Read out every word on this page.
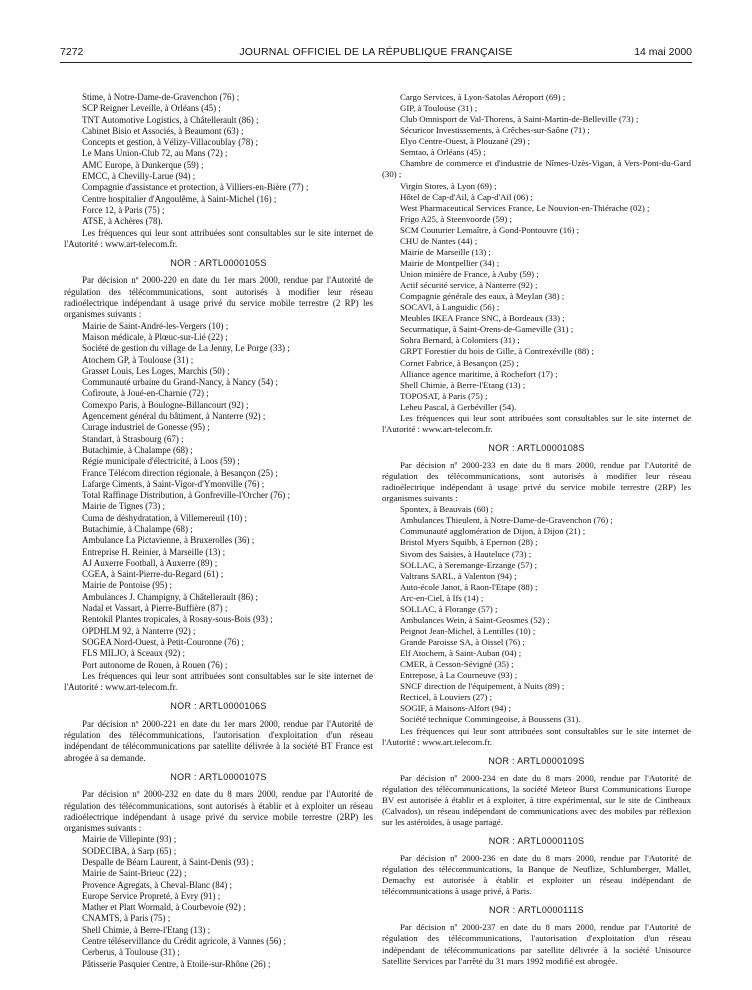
7272	JOURNAL OFFICIEL DE LA RÉPUBLIQUE FRANÇAISE	14 mai 2000
Stime, à Notre-Dame-de-Gravenchon (76) ;
SCP Reigner Leveille, à Orléans (45) ;
TNT Automotive Logistics, à Châtellerault (86) ;
Cabinet Bisio et Associés, à Beaumont (63) ;
Concepts et gestion, à Vélizy-Villacoublay (78) ;
Le Mans Union-Club 72, au Mans (72) ;
AMC Europe, à Dunkerque (59) ;
EMCC, à Chevilly-Larue (94) ;
Compagnie d'assistance et protection, à Villiers-en-Bière (77) ;
Centre hospitalier d'Angoulême, à Saint-Michel (16) ;
Force 12, à Paris (75) ;
ATSE, à Achères (78).
Les fréquences qui leur sont attribuées sont consultables sur le site internet de l'Autorité : www.art-telecom.fr.
NOR : ARTL0000105S
Par décision nº 2000-220 en date du 1er mars 2000, rendue par l'Autorité de régulation des télécommunications, sont autorisés à modifier leur réseau radioélectrique indépendant à usage privé du service mobile terrestre (2 RP) les organismes suivants :
Mairie de Saint-André-les-Vergers (10) ;
Maison médicale, à Plœuc-sur-Lié (22) ;
Société de gestion du village de La Jenny, Le Porge (33) ;
Atochem GP, à Toulouse (31) ;
Grasset Louis, Les Loges, Marchis (50) ;
Communauté urbaine du Grand-Nancy, à Nancy (54) ;
Cofiroute, à Joué-en-Charnie (72) ;
Comexpo Paris, à Boulogne-Billancourt (92) ;
Agencement général du bâtiment, à Nanterre (92) ;
Curage industriel de Gonesse (95) ;
Standart, à Strasbourg (67) ;
Butachimie, à Chalampe (68) ;
Régie municipale d'électricité, à Loos (59) ;
France Télécom direction régionale, à Besançon (25) ;
Lafarge Ciments, à Saint-Vigor-d'Ymonville (76) ;
Total Raffinage Distribution, à Gonfreville-l'Orcher (76) ;
Mairie de Tignes (73) ;
Cuma de déshydratation, à Villemereuil (10) ;
Butachimie, à Chalampe (68) ;
Ambulance La Pictavienne, à Bruxerolles (36) ;
Entreprise H. Reinier, à Marseille (13) ;
AJ Auxerre Football, à Auxerre (89) ;
CGEA, à Saint-Pierre-du-Regard (61) ;
Mairie de Pontoise (95) ;
Ambulances J. Champigny, à Châtellerault (86) ;
Nadal et Vassart, à Pierre-Buffière (87) ;
Rentokil Plantes tropicales, à Rosny-sous-Bois (93) ;
OPDHLM 92, à Nanterre (92) ;
SOGEA Nord-Ouest, à Petit-Couronne (76) ;
FLS MILJO, à Sceaux (92) ;
Port autonome de Rouen, à Rouen (76) ;
Les fréquences qui leur sont attribuées sont consultables sur le site internet de l'Autorité : www.art-telecom.fr.
NOR : ARTL0000106S
Par décision nº 2000-221 en date du 1er mars 2000, rendue par l'Autorité de régulation des télécommunications, l'autorisation d'exploitation d'un réseau indépendant de télécommunications par satellite délivrée à la société BT France est abrogée à sa demande.
NOR : ARTL0000107S
Par décision nº 2000-232 en date du 8 mars 2000, rendue par l'Autorité de régulation des télécommunications, sont autorisés à établir et à exploiter un réseau radioélectrique indépendant à usage privé du service mobile terrestre (2RP) les organismes suivants :
Mairie de Villepinte (93) ;
SODECIBA, à Sarp (65) ;
Despalle de Béarn Laurent, à Saint-Denis (93) ;
Mairie de Saint-Brieuc (22) ;
Provence Agregats, à Cheval-Blanc (84) ;
Europe Service Propreté, à Evry (91) ;
Mather et Platt Wormald, à Courbevoie (92) ;
CNAMTS, à Paris (75) ;
Shell Chimie, à Berre-l'Etang (13) ;
Centre téléservillance du Crédit agricole, à Vannes (56) ;
Cerberus, à Toulouse (31) ;
Pâtisserie Pasquier Centre, à Etoile-sur-Rhône (26) ;
Cargo Services, à Lyon-Satolas Aéroport (69) ;
GIP, à Toulouse (31) ;
Club Omnisport de Val-Thorens, à Saint-Martin-de-Belleville (73) ;
Sécuricor Investissements, à Crêches-sur-Saône (71) ;
Elyo Centre-Ouest, à Plouzané (29) ;
Semtao, à Orléans (45) ;
Chambre de commerce et d'industrie de Nîmes-Uzès-Vigan, à Vers-Pont-du-Gard (30) ;
Virgin Stores, à Lyon (69) ;
Hôtel de Cap-d'Ail, à Cap-d'Ail (06) ;
West Pharmaceutical Services France, Le Nouvion-en-Thiérache (02) ;
Frigo A25, à Steenvoorde (59) ;
SCM Couturier Lemaître, à Gond-Pontouvre (16) ;
CHU de Nantes (44) ;
Mairie de Marseille (13) ;
Mairie de Montpellier (34) ;
Union minière de France, à Auby (59) ;
Actif sécurité service, à Nanterre (92) ;
Compagnie générale des eaux, à Meylan (38) ;
SOCAVI, à Languidic (56) ;
Meubles IKEA France SNC, à Bordeaux (33) ;
Securmatique, à Saint-Orens-de-Gameville (31) ;
Sohra Bernard, à Colomiers (31) ;
GRPT Forestier du bois de Gille, à Contrexéville (88) ;
Cornet Fabrice, à Besançon (25) ;
Alliance agence maritime, à Rochefort (17) ;
Shell Chimie, à Berre-l'Etang (13) ;
TOPOSAT, à Paris (75) ;
Leheu Pascal, à Gerbéviller (54).
Les fréquences qui leur sont attribuées sont consultables sur le site internet de l'Autorité : www.art-telecom.fr.
NOR : ARTL0000108S
Par décision nº 2000-233 en date du 8 mars 2000, rendue par l'Autorité de régulation des télécommunications, sont autorisés à modifier leur réseau radioélectrique indépendant à usage privé du service mobile terrestre (2RP) les organismes suivants :
Spontex, à Beauvais (60) ;
Ambulances Thieulent, à Notre-Dame-de-Gravenchon (76) ;
Communauté agglomération de Dijon, à Dijon (21) ;
Bristol Myers Squibb, à Epernon (28) ;
Sivom des Saisies, à Hauteluce (73) ;
SOLLAC, à Seremange-Erzange (57) ;
Valtrans SARL, à Valenton (94) ;
Auto-école Janot, à Raon-l'Etape (88) ;
Arc-en-Ciel, à Ifs (14) ;
SOLLAC, à Florange (57) ;
Ambulances Wein, à Saint-Geosmes (52) ;
Peignot Jean-Michel, à Lentilles (10) ;
Grande Paroisse SA, à Oissel (76) ;
Elf Atochem, à Saint-Auban (04) ;
CMER, à Cesson-Sévigné (35) ;
Entrepose, à La Courneuve (93) ;
SNCF direction de l'équipement, à Nuits (89) ;
Recticel, à Louviers (27) ;
SOGIF, à Maisons-Alfort (94) ;
Société technique Commingeoise, à Boussens (31).
Les fréquences qui leur sont attribuées sont consultables sur le site internet de l'Autorité : www.art.telecom.fr.
NOR : ARTL0000109S
Par décision nº 2000-234 en date du 8 mars 2000, rendue par l'Autorité de régulation des télécommunications, la société Meteor Burst Communications Europe BV est autorisée à établir et à exploiter, à titre expérimental, sur le site de Cintheaux (Calvados), un réseau indépendant de communications avec des mobiles par réflexion sur les astéroïdes, à usage partagé.
NOR : ARTL0000110S
Par décision nº 2000-236 en date du 8 mars 2000, rendue par l'Autorité de régulation des télécommunications, la Banque de Neuflize, Schlumberger, Mallet, Demachy est autorisée à établir et exploiter un réseau indépendant de télécommunications à usage privé, à Paris.
NOR : ARTL0000111S
Par décision nº 2000-237 en date du 8 mars 2000, rendue par l'Autorité de régulation des télécommunications, l'autorisation d'exploitation d'un réseau indépendant de télécommunications par satellite délivrée à la société Unisource Satellite Services par l'arrêté du 31 mars 1992 modifié est abrogée.
